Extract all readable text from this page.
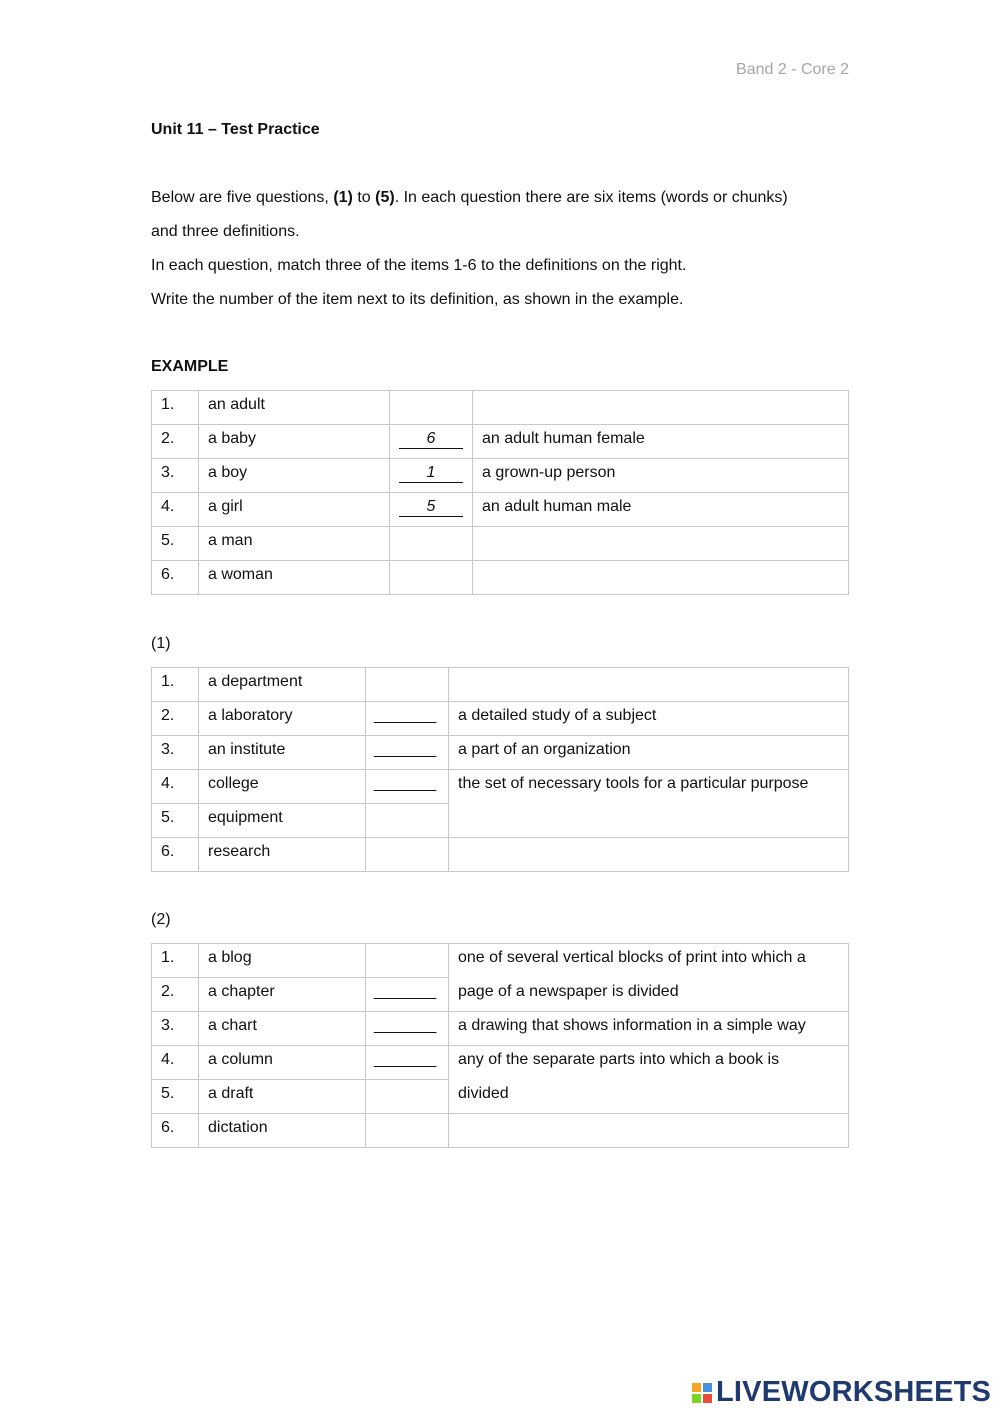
Band 2 - Core 2
Unit 11 – Test Practice
Below are five questions, (1) to (5). In each question there are six items (words or chunks)
and three definitions.
In each question, match three of the items 1-6 to the definitions on the right.
Write the number of the item next to its definition, as shown in the example.
EXAMPLE
1.	an adult		
2.	a baby	6	an adult human female
3.	a boy	1	a grown-up person
4.	a girl	5	an adult human male
5.	a man		
6.	a woman		
(1)
1.	a department		
2.	a laboratory	_______	a detailed study of a subject
3.	an institute	_______	a part of an organization
4.	college	_______	the set of necessary tools for a particular purpose
5.	equipment		
6.	research		
(2)
1.	a blog		one of several vertical blocks of print into which a
page of a newspaper is divided

2.	a chapter	_______	
3.	a chart	_______	a drawing that shows information in a simple way
4.	a column	_______	any of the separate parts into which a book is
divided

5.	a draft		
6.	dictation		
LIVEWORKSHEETS
